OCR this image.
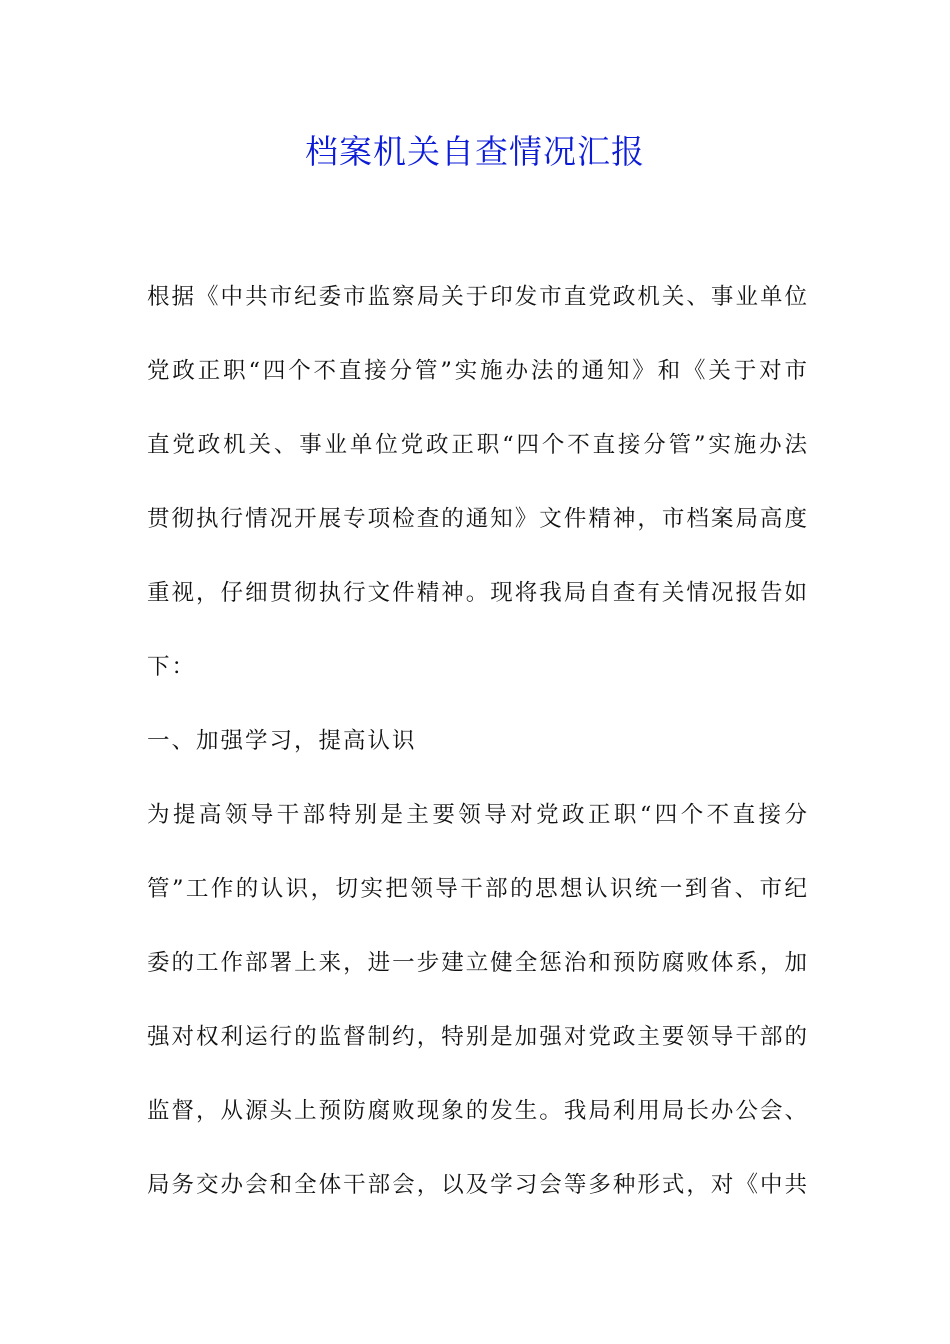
档案机关自查情况汇报
根据《中共市纪委市监察局关于印发市直党政机关、事业单位
党政正职“四个不直接分管”实施办法的通知》和《关于对市
直党政机关、事业单位党政正职“四个不直接分管”实施办法
贯彻执行情况开展专项检查的通知》文件精神，市档案局高度
重视，仔细贯彻执行文件精神。现将我局自查有关情况报告如
下：
一、加强学习，提高认识
为提高领导干部特别是主要领导对党政正职“四个不直接分
管”工作的认识，切实把领导干部的思想认识统一到省、市纪
委的工作部署上来，进一步建立健全惩治和预防腐败体系，加
强对权利运行的监督制约，特别是加强对党政主要领导干部的
监督，从源头上预防腐败现象的发生。我局利用局长办公会、
局务交办会和全体干部会，以及学习会等多种形式，对《中共
